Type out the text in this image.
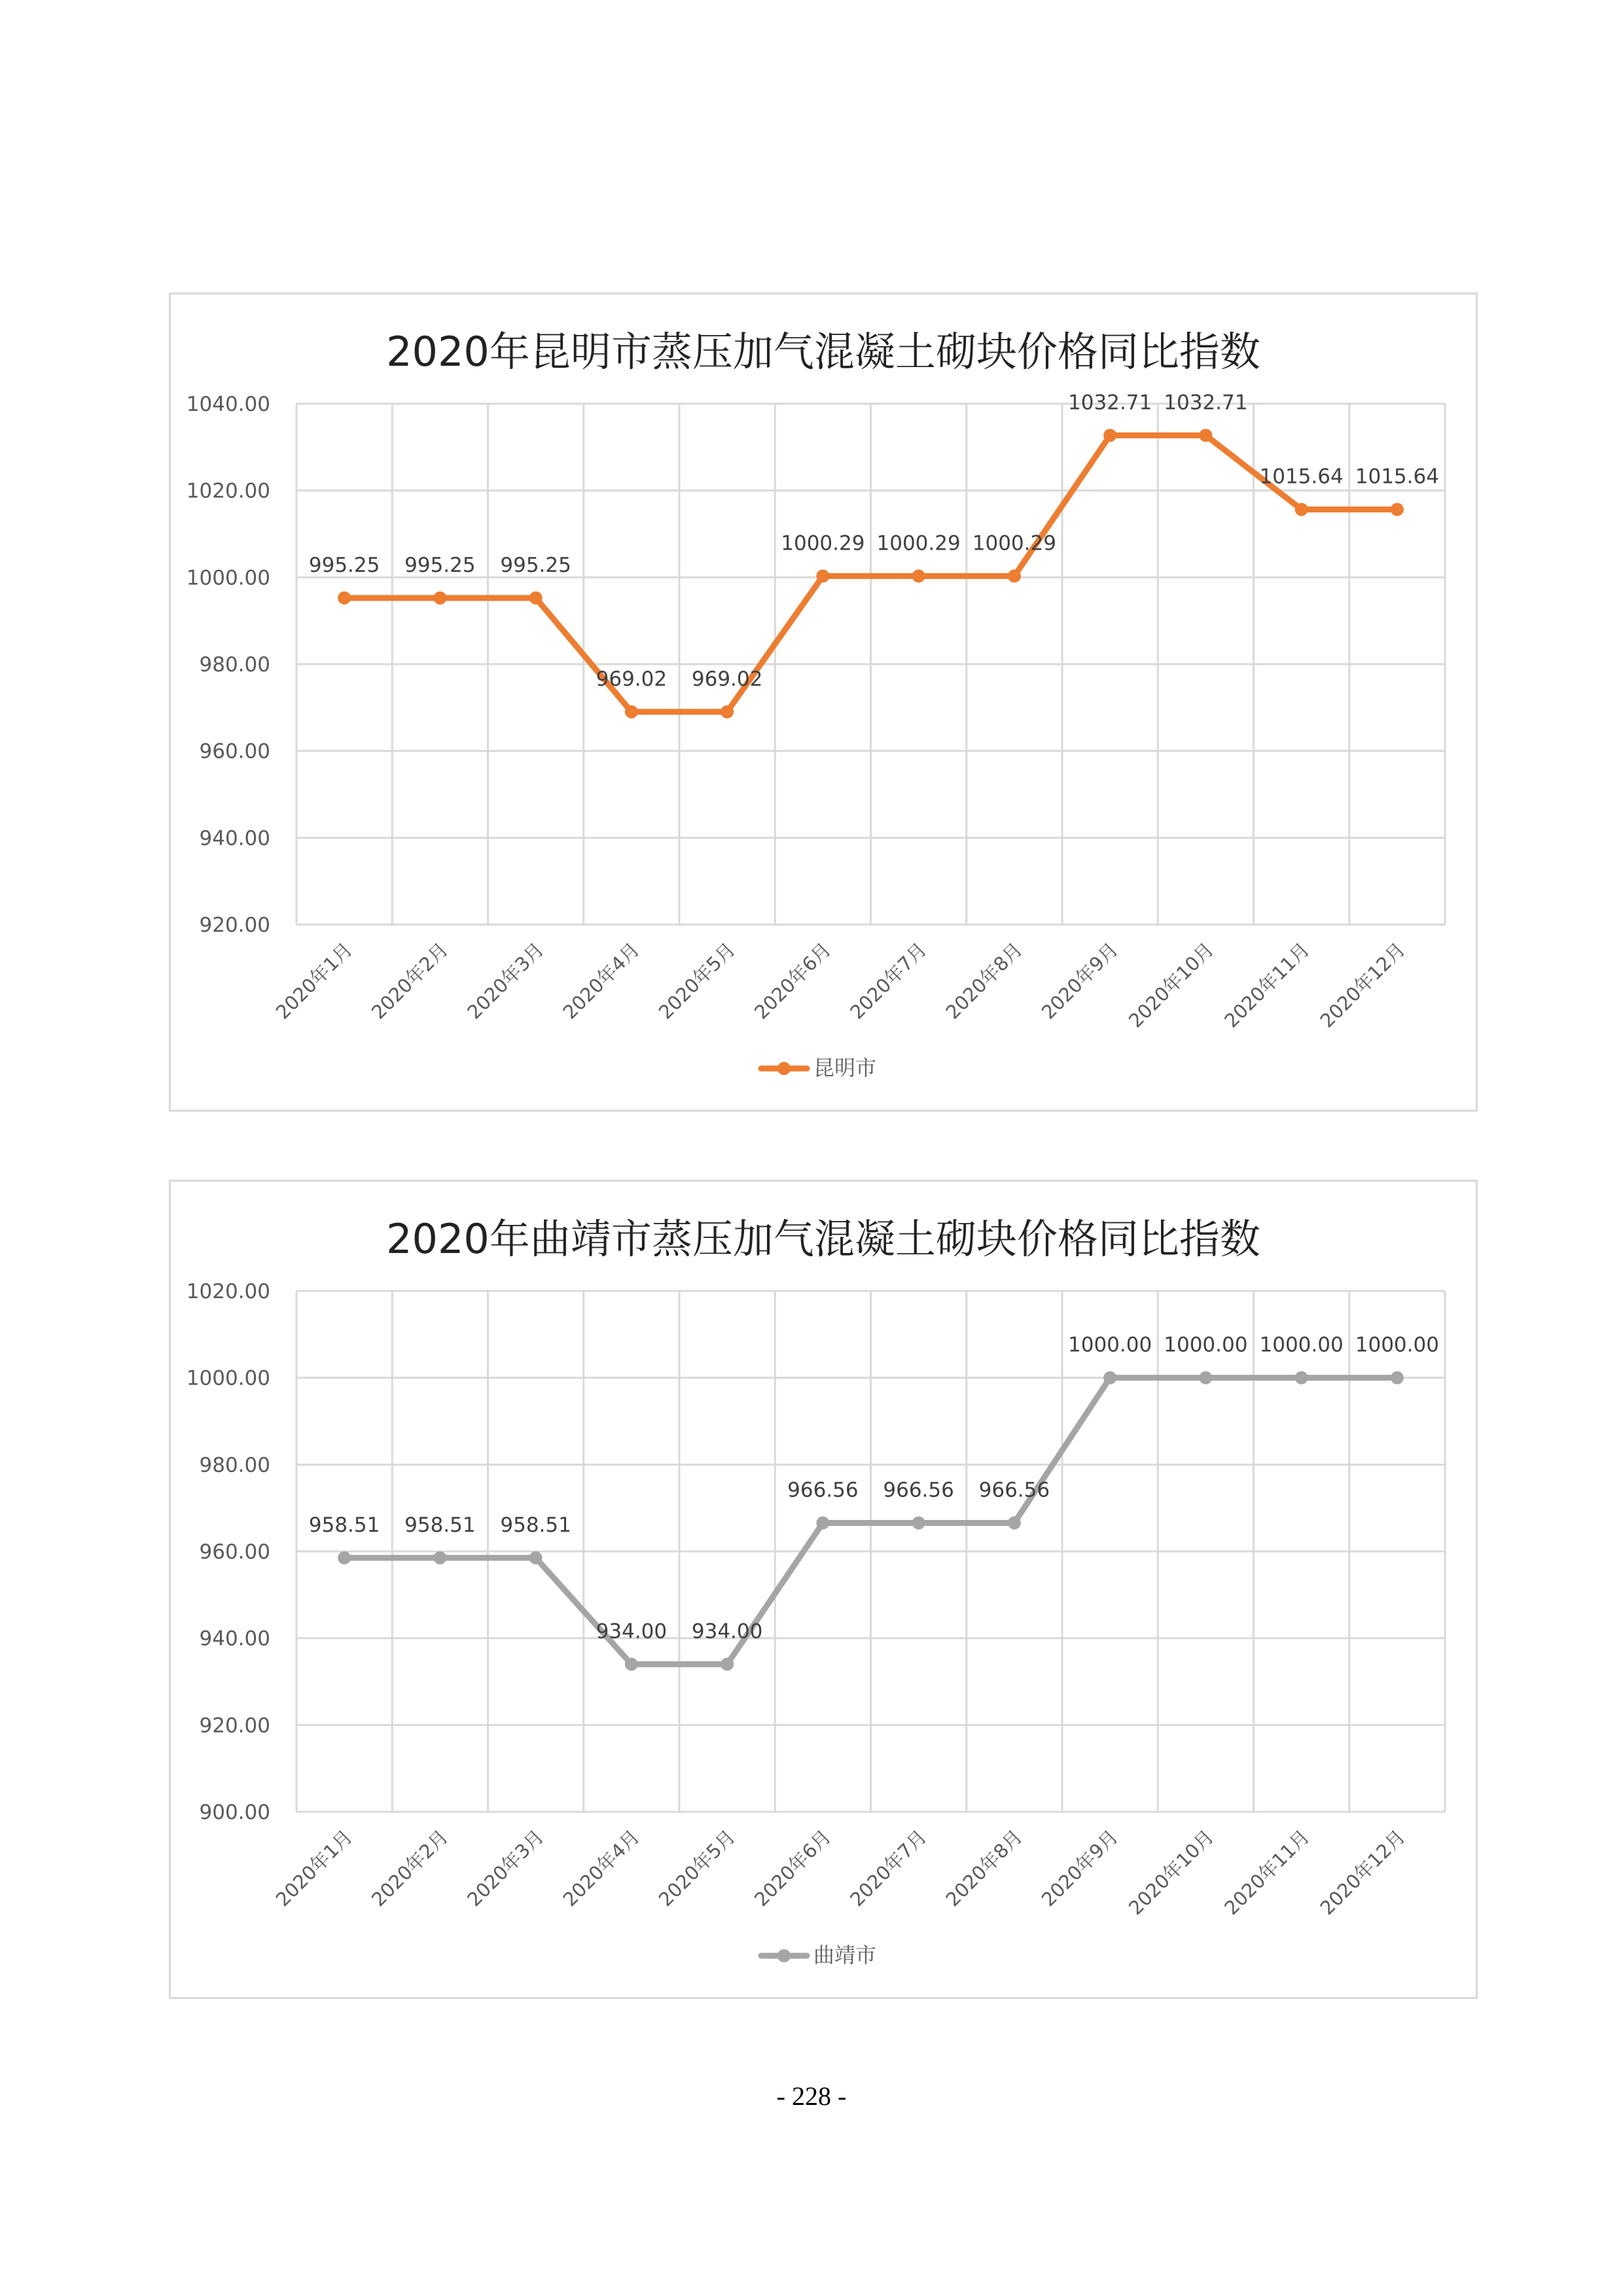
2020年昆明市蒸压加气混凝土砌块价格同比指数
920.00
940.00
960.00
980.00
1000.00
1020.00
1040.00
2020年1月 2020年2月 2020年3月 2020年4月 2020年5月 2020年6月 2020年7月 2020年8月 2020年9月 2020年10月 2020年11月 2020年12月
995.25 995.25 995.25
969.02 969.02
1000.29 1000.29 1000.29
1032.71 1032.71
1015.64 1015.64
昆明市
2020年曲靖市蒸压加气混凝土砌块价格同比指数
900.00
920.00
940.00
960.00
980.00
1000.00
1020.00
2020年1月 2020年2月 2020年3月 2020年4月 2020年5月 2020年6月 2020年7月 2020年8月 2020年9月 2020年10月 2020年11月 2020年12月
958.51 958.51 958.51
934.00 934.00
966.56 966.56 966.56
1000.00 1000.00 1000.00 1000.00
曲靖市
- 228 -
